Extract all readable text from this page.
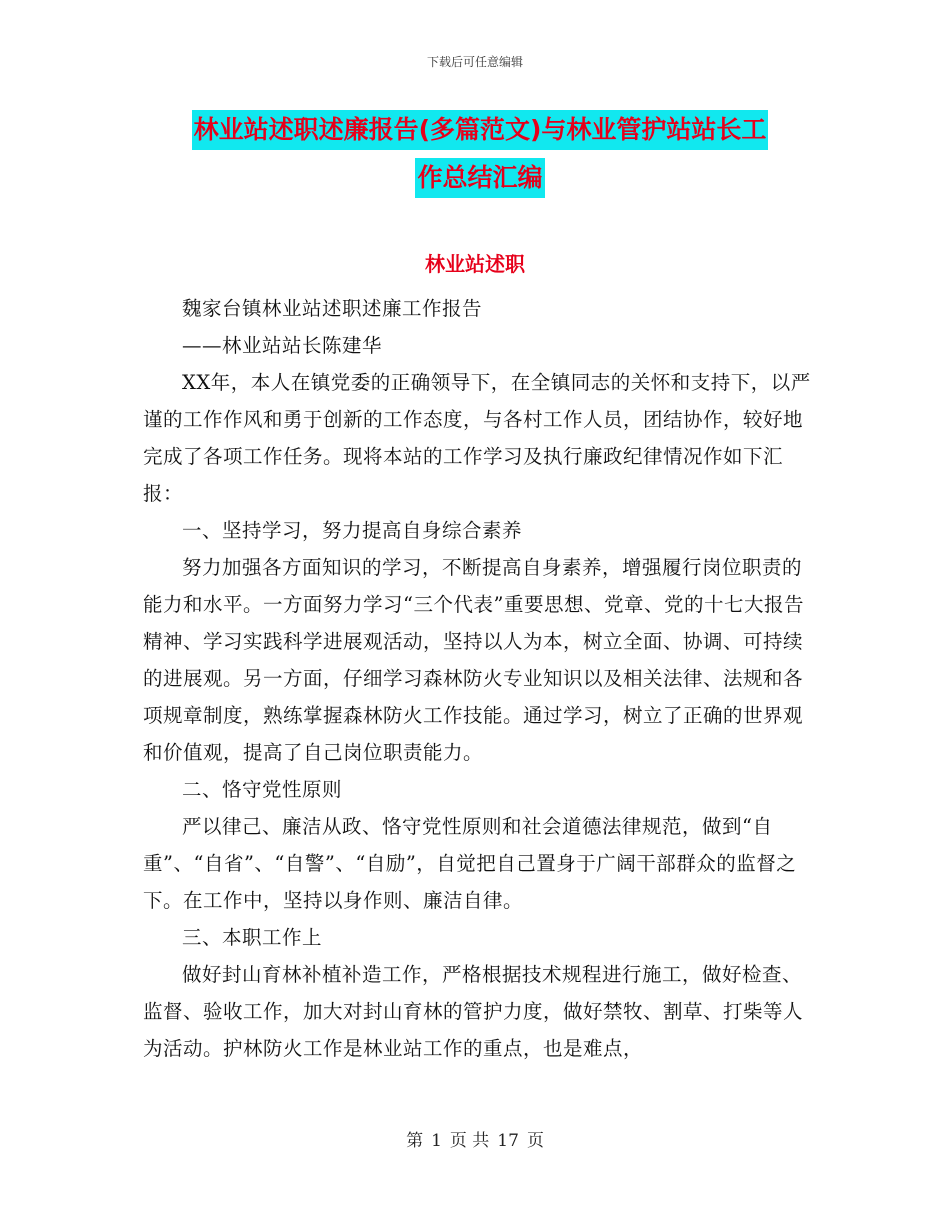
下载后可任意编辑
林业站述职述廉报告(多篇范文)与林业管护站站长工
作总结汇编
林业站述职

魏家台镇林业站述职述廉工作报告

——林业站站长陈建华

XX年，本人在镇党委的正确领导下，在全镇同志的关怀和支持下，以严谨的工作作风和勇于创新的工作态度，与各村工作人员，团结协作，较好地完成了各项工作任务。现将本站的工作学习及执行廉政纪律情况作如下汇报：

一、坚持学习，努力提高自身综合素养

努力加强各方面知识的学习，不断提高自身素养，增强履行岗位职责的能力和水平。一方面努力学习“三个代表”重要思想、党章、党的十七大报告精神、学习实践科学进展观活动，坚持以人为本，树立全面、协调、可持续的进展观。另一方面，仔细学习森林防火专业知识以及相关法律、法规和各项规章制度，熟练掌握森林防火工作技能。通过学习，树立了正确的世界观和价值观，提高了自己岗位职责能力。

二、恪守党性原则

严以律己、廉洁从政、恪守党性原则和社会道德法律规范，做到“自重”、“自省”、“自警”、“自励”，自觉把自己置身于广阔干部群众的监督之下。在工作中，坚持以身作则、廉洁自律。

三、本职工作上

做好封山育林补植补造工作，严格根据技术规程进行施工，做好检查、监督、验收工作，加大对封山育林的管护力度，做好禁牧、割草、打柴等人为活动。护林防火工作是林业站工作的重点，也是难点，

第 1 页 共 17 页
